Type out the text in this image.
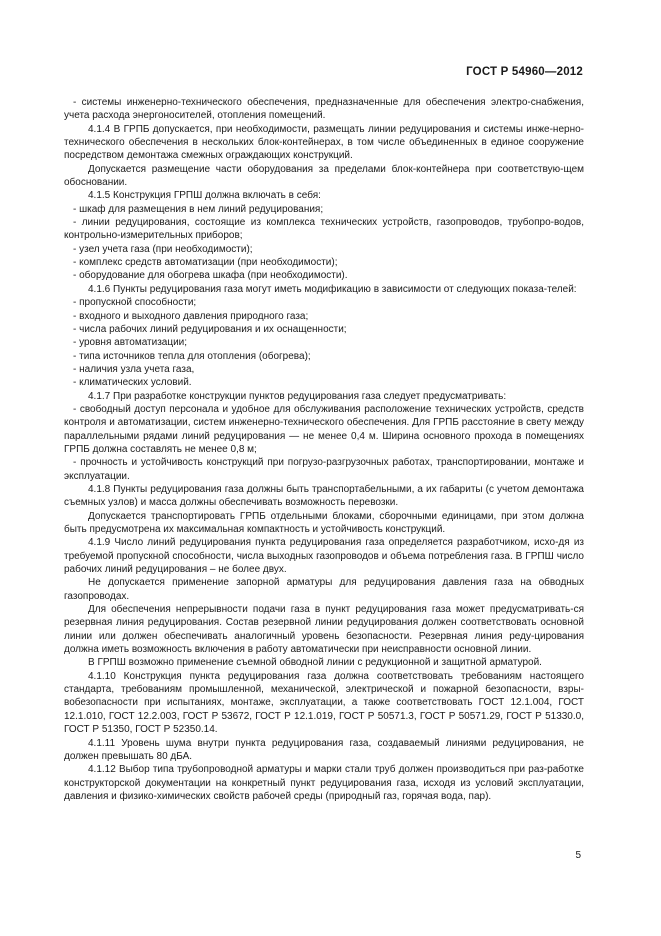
ГОСТ Р 54960—2012

- системы инженерно-технического обеспечения, предназначенные для обеспечения электро-снабжения, учета расхода энергоносителей, отопления помещений.

4.1.4 В ГРПБ допускается, при необходимости, размещать линии редуцирования и системы инже-нерно-технического обеспечения в нескольких блок-контейнерах, в том числе объединенных в единое сооружение посредством демонтажа смежных ограждающих конструкций.

Допускается размещение части оборудования за пределами блок-контейнера при соответствую-щем обосновании.

4.1.5 Конструкция ГРПШ должна включать в себя:

- шкаф для размещения в нем линий редуцирования;

- линии редуцирования, состоящие из комплекса технических устройств, газопроводов, трубопро-водов, контрольно-измерительных приборов;

- узел учета газа (при необходимости);

- комплекс средств автоматизации (при необходимости);

- оборудование для обогрева шкафа (при необходимости).

4.1.6 Пункты редуцирования газа могут иметь модификацию в зависимости от следующих показа-телей:

- пропускной способности;

- входного и выходного давления природного газа;

- числа рабочих линий редуцирования и их оснащенности;

- уровня автоматизации;

- типа источников тепла для отопления (обогрева);

- наличия узла учета газа,

- климатических условий.

4.1.7 При разработке конструкции пунктов редуцирования газа следует предусматривать:

- свободный доступ персонала и удобное для обслуживания расположение технических устройств, средств контроля и автоматизации, систем инженерно-технического обеспечения. Для ГРПБ расстояние в свету между параллельными рядами линий редуцирования — не менее 0,4 м. Ширина основного прохода в помещениях ГРПБ должна составлять не менее 0,8 м;

- прочность и устойчивость конструкций при погрузо-разгрузочных работах, транспортировании, монтаже и эксплуатации.

4.1.8 Пункты редуцирования газа должны быть транспортабельными, а их габариты (с учетом демонтажа съемных узлов) и масса должны обеспечивать возможность перевозки.

Допускается транспортировать ГРПБ отдельными блоками, сборочными единицами, при этом должна быть предусмотрена их максимальная компактность и устойчивость конструкций.

4.1.9 Число линий редуцирования пункта редуцирования газа определяется разработчиком, исхо-дя из требуемой пропускной способности, числа выходных газопроводов и объема потребления газа. В ГРПШ число рабочих линий редуцирования – не более двух.

Не допускается применение запорной арматуры для редуцирования давления газа на обводных газопроводах.

Для обеспечения непрерывности подачи газа в пункт редуцирования газа может предусматривать-ся резервная линия редуцирования. Состав резервной линии редуцирования должен соответствовать основной линии или должен обеспечивать аналогичный уровень безопасности. Резервная линия реду-цирования должна иметь возможность включения в работу автоматически при неисправности основной линии.

В ГРПШ возможно применение съемной обводной линии с редукционной и защитной арматурой.

4.1.10 Конструкция пункта редуцирования газа должна соответствовать требованиям настоящего стандарта, требованиям промышленной, механической, электрической и пожарной безопасности, взры-вобезопасности при испытаниях, монтаже, эксплуатации, а также соответствовать ГОСТ 12.1.004, ГОСТ 12.1.010, ГОСТ 12.2.003, ГОСТ Р 53672, ГОСТ Р 12.1.019, ГОСТ Р 50571.3, ГОСТ Р 50571.29, ГОСТ Р 51330.0, ГОСТ Р 51350, ГОСТ Р 52350.14.

4.1.11 Уровень шума внутри пункта редуцирования газа, создаваемый линиями редуцирования, не должен превышать 80 дБА.

4.1.12 Выбор типа трубопроводной арматуры и марки стали труб должен производиться при раз-работке конструкторской документации на конкретный пункт редуцирования газа, исходя из условий эксплуатации, давления и физико-химических свойств рабочей среды (природный газ, горячая вода, пар).

5
